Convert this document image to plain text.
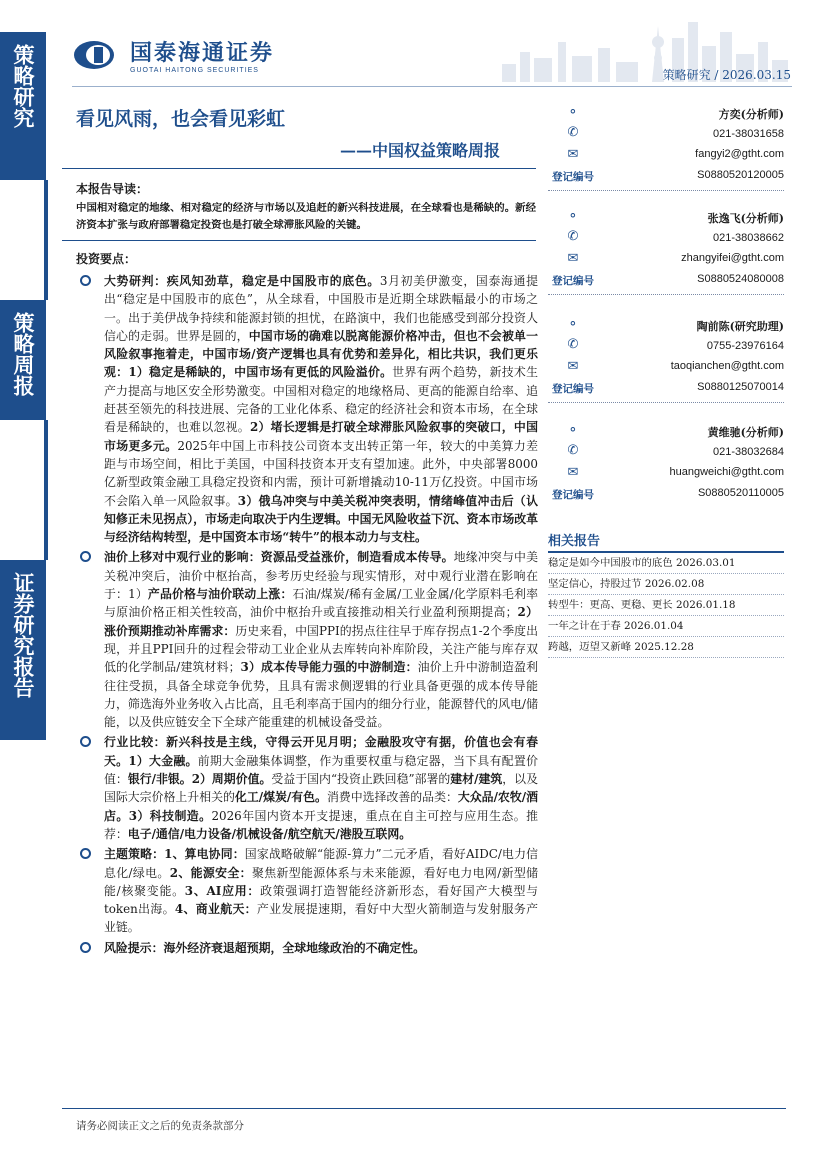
策略研究
策略周报
证券研究报告
国泰海通证券
GUOTAI HAITONG SECURITIES	策略研究 / 2026.03.15
看见风雨，也会看见彩虹
——中国权益策略周报
本报告导读：
中国相对稳定的地缘、相对稳定的经济与市场以及追赶的新兴科技进展，在全球看也是稀缺的。新经济资本扩张与政府部署稳定投资也是打破全球滞胀风险的关键。
投资要点：
大势研判：疾风知劲草，稳定是中国股市的底色。3月初美伊激变，国泰海通提出“稳定是中国股市的底色”，从全球看，中国股市是近期全球跌幅最小的市场之一。出于美伊战争持续和能源封锁的担忧，在路演中，我们也能感受到部分投资人信心的走弱。世界是圆的，中国市场的确难以脱离能源价格冲击，但也不会被单一风险叙事拖着走，中国市场/资产逻辑也具有优势和差异化，相比共识，我们更乐观：1）稳定是稀缺的，中国市场有更低的风险溢价。世界有两个趋势，新技术生产力提高与地区安全形势激变。中国相对稳定的地缘格局、更高的能源自给率、追赶甚至领先的科技进展、完备的工业化体系、稳定的经济社会和资本市场，在全球看是稀缺的，也难以忽视。2）堵长逻辑是打破全球滞胀风险叙事的突破口，中国市场更多元。2025年中国上市科技公司资本支出转正第一年，较大的中美算力差距与市场空间，相比于美国，中国科技资本开支有望加速。此外，中央部署8000亿新型政策金融工具稳定投资和内需，预计可新增撬动10-11万亿投资。中国市场不会陷入单一风险叙事。3）俄乌冲突与中美关税冲突表明，情绪峰值冲击后（认知修正未见拐点），市场走向取决于内生逻辑。中国无风险收益下沉、资本市场改革与经济结构转型，是中国资本市场“转牛”的根本动力与支柱。
油价上移对中观行业的影响：资源品受益涨价，制造看成本传导。地缘冲突与中美关税冲突后，油价中枢抬高，参考历史经验与现实情形，对中观行业潜在影响在于：1）产品价格与油价联动上涨：石油/煤炭/稀有金属/工业金属/化学原料毛利率与原油价格正相关性较高，油价中枢抬升或直接推动相关行业盈利预期提高；2）涨价预期推动补库需求：历史来看，中国PPI的拐点往往早于库存拐点1-2个季度出现，并且PPI回升的过程会带动工业企业从去库转向补库阶段，关注产能与库存双低的化学制品/建筑材料；3）成本传导能力强的中游制造：油价上升中游制造盈利往往受损，具备全球竞争优势，且具有需求侧逻辑的行业具备更强的成本传导能力，筛选海外业务收入占比高，且毛利率高于国内的细分行业，能源替代的风电/储能，以及供应链安全下全球产能重建的机械设备受益。
行业比较：新兴科技是主线，守得云开见月明；金融股攻守有据，价值也会有春天。1）大金融。前期大金融集体调整，作为重要权重与稳定器，当下具有配置价值：银行/非银。2）周期价值。受益于国内“投资止跌回稳”部署的建材/建筑，以及国际大宗价格上升相关的化工/煤炭/有色。消费中选择改善的品类：大众品/农牧/酒店。3）科技制造。2026年国内资本开支提速，重点在自主可控与应用生态。推荐：电子/通信/电力设备/机械设备/航空航天/港股互联网。
主题策略：1、算电协同：国家战略破解“能源-算力”二元矛盾，看好AIDC/电力信息化/绿电。2、能源安全：聚焦新型能源体系与未来能源，看好电力电网/新型储能/核聚变能。3、AI应用：政策强调打造智能经济新形态，看好国产大模型与token出海。4、商业航天：产业发展提速期，看好中大型火箭制造与发射服务产业链。
风险提示：海外经济衰退超预期，全球地缘政治的不确定性。
⚬
✆
✉
方奕(分析师)
021-38031658
fangyi2@gtht.com
登记编号	S0880520120005
⚬
✆
✉
张逸飞(分析师)
021-38038662
zhangyifei@gtht.com
登记编号	S0880524080008
⚬
✆
✉
陶前陈(研究助理)
0755-23976164
taoqianchen@gtht.com
登记编号	S0880125070014
⚬
✆
✉
黄维驰(分析师)
021-38032684
huangweichi@gtht.com
登记编号	S0880520110005
相关报告
稳定是如今中国股市的底色 2026.03.01
坚定信心，持股过节 2026.02.08
转型牛：更高、更稳、更长 2026.01.18
一年之计在于春 2026.01.04
跨越，迈望又新峰 2025.12.28
请务必阅读正文之后的免责条款部分
